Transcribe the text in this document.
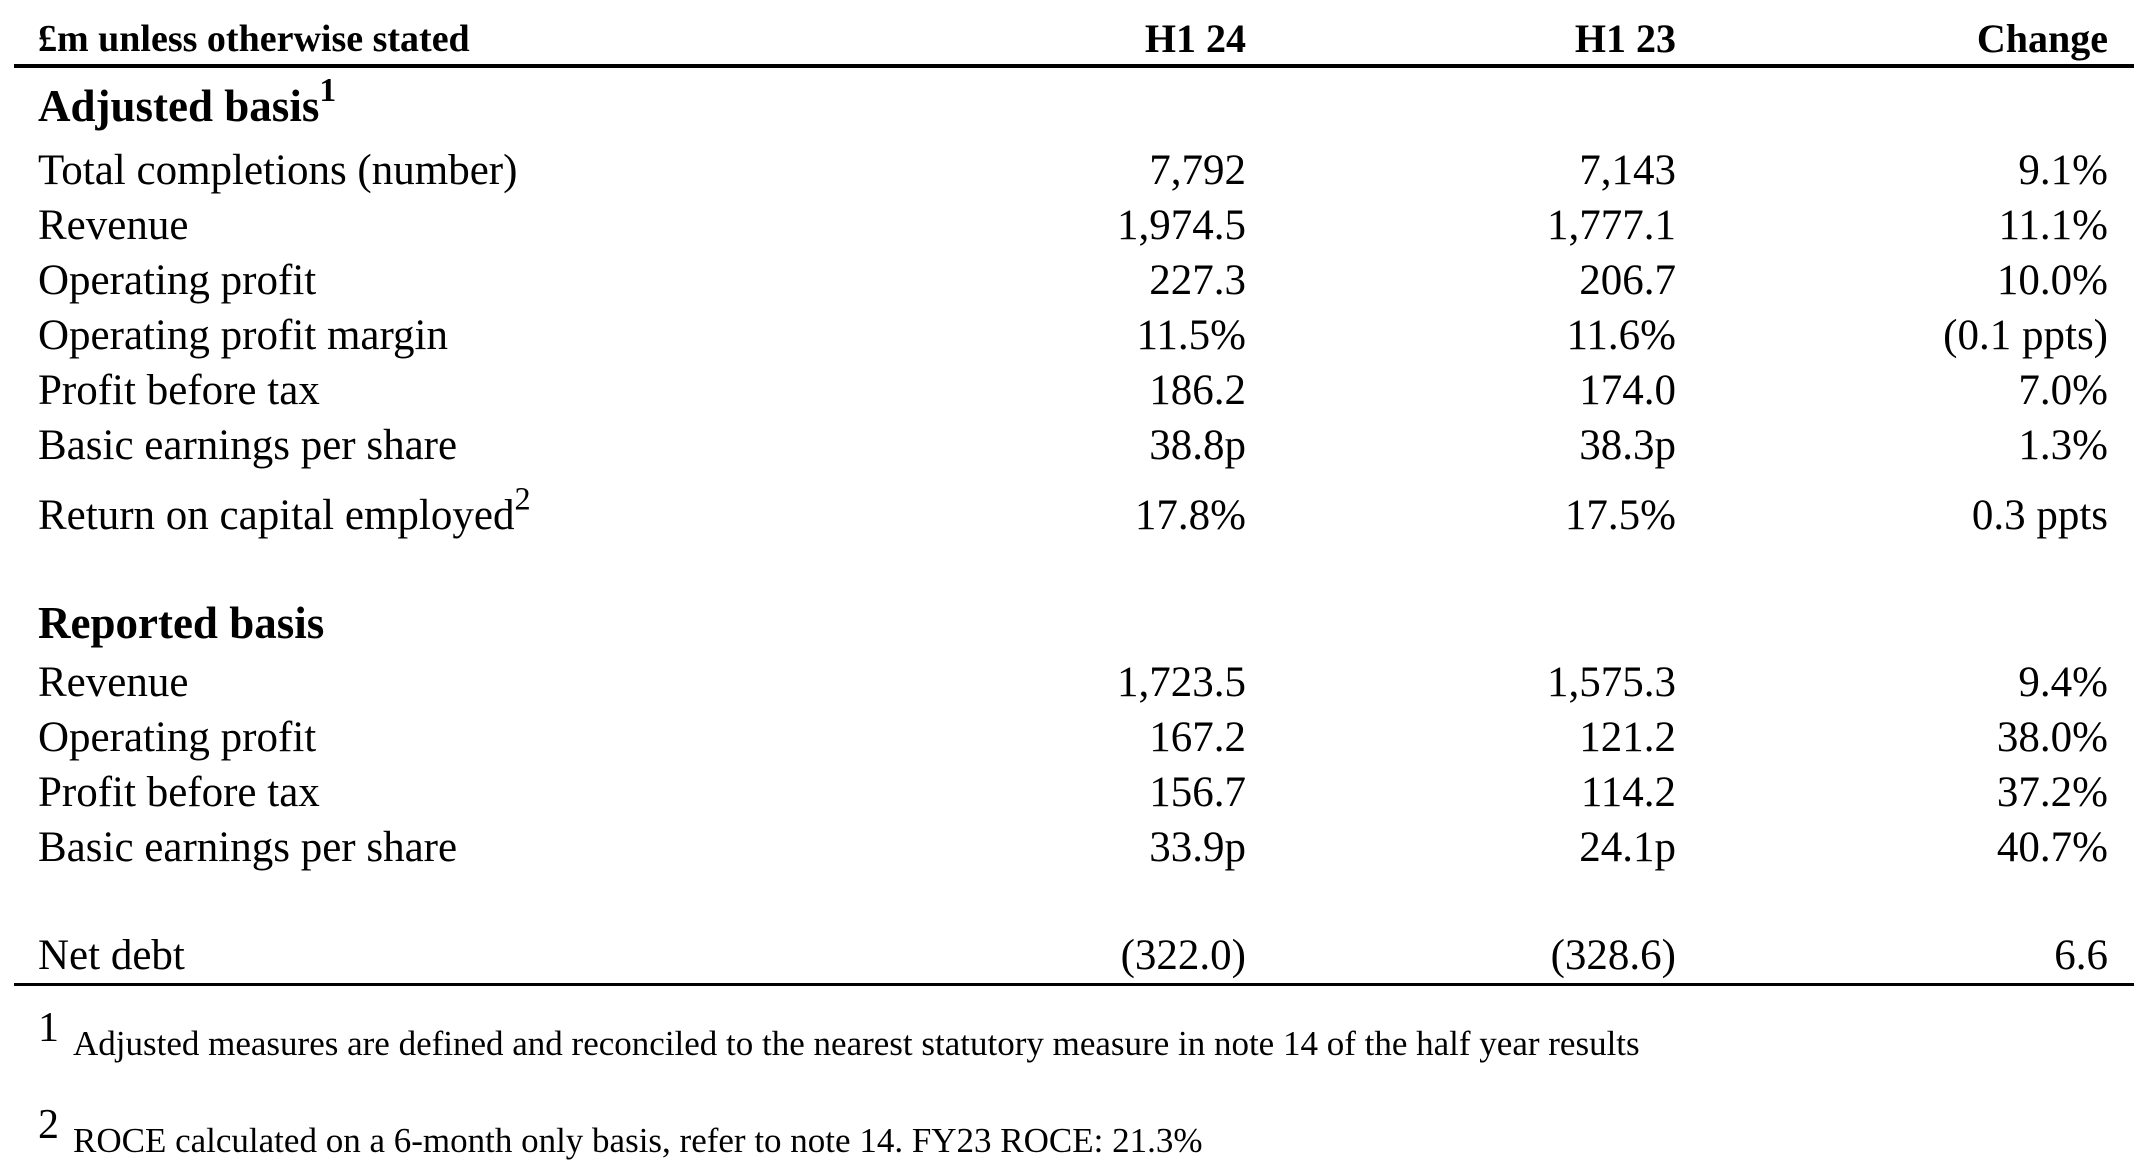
£m unless otherwise stated	H1 24	H1 23	Change
Adjusted basis$^1$
Total completions (number)	7,792	7,143	9.1%
Revenue	1,974.5	1,777.1	11.1%
Operating profit	227.3	206.7	10.0%
Operating profit margin	11.5%	11.6%	(0.1 ppts)
Profit before tax	186.2	174.0	7.0%
Basic earnings per share	38.8p	38.3p	1.3%
Return on capital employed$^2$	17.8%	17.5%	0.3 ppts
Reported basis
Revenue	1,723.5	1,575.3	9.4%
Operating profit	167.2	121.2	38.0%
Profit before tax	156.7	114.2	37.2%
Basic earnings per share	33.9p	24.1p	40.7%
Net debt	(322.0)	(328.6)	6.6
1 Adjusted measures are defined and reconciled to the nearest statutory measure in note 14 of the half year results
2 ROCE calculated on a 6-month only basis, refer to note 14. FY23 ROCE: 21.3%
